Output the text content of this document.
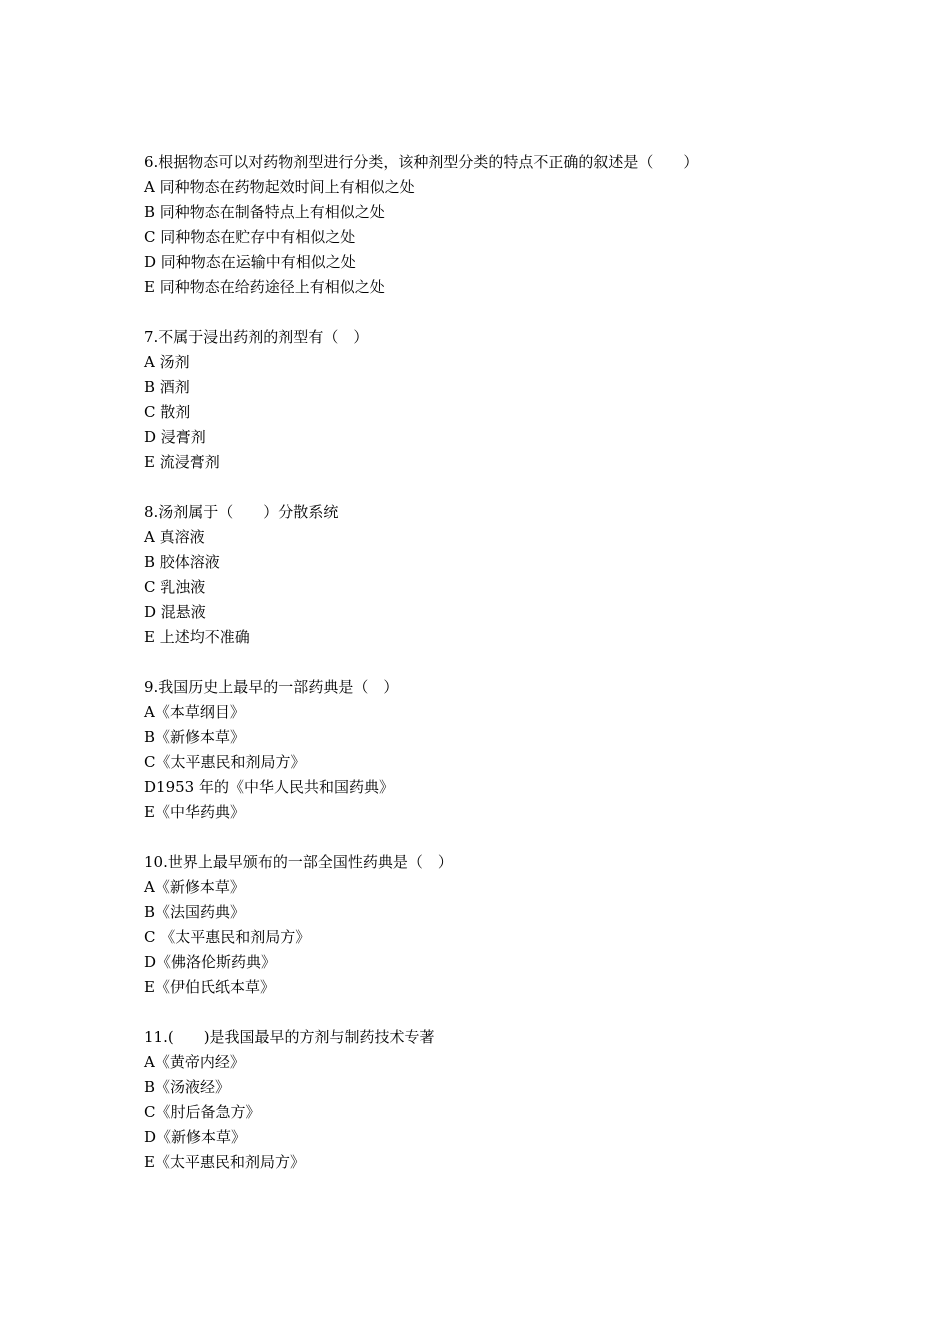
6.根据物态可以对药物剂型进行分类，该种剂型分类的特点不正确的叙述是（　　）
A 同种物态在药物起效时间上有相似之处
B 同种物态在制备特点上有相似之处
C 同种物态在贮存中有相似之处
D 同种物态在运输中有相似之处
E 同种物态在给药途径上有相似之处
7.不属于浸出药剂的剂型有（　）
A 汤剂
B 酒剂
C 散剂
D 浸膏剂
E 流浸膏剂
8.汤剂属于（　　）分散系统
A 真溶液
B 胶体溶液
C 乳浊液
D 混悬液
E 上述均不准确
9.我国历史上最早的一部药典是（　）
A《本草纲目》
B《新修本草》
C《太平惠民和剂局方》
D1953 年的《中华人民共和国药典》
E《中华药典》
10.世界上最早颁布的一部全国性药典是（　）
A《新修本草》
B《法国药典》
C 《太平惠民和剂局方》
D《佛洛伦斯药典》
E《伊伯氏纸本草》
11.(　　)是我国最早的方剂与制药技术专著
A《黄帝内经》
B《汤液经》
C《肘后备急方》
D《新修本草》
E《太平惠民和剂局方》
